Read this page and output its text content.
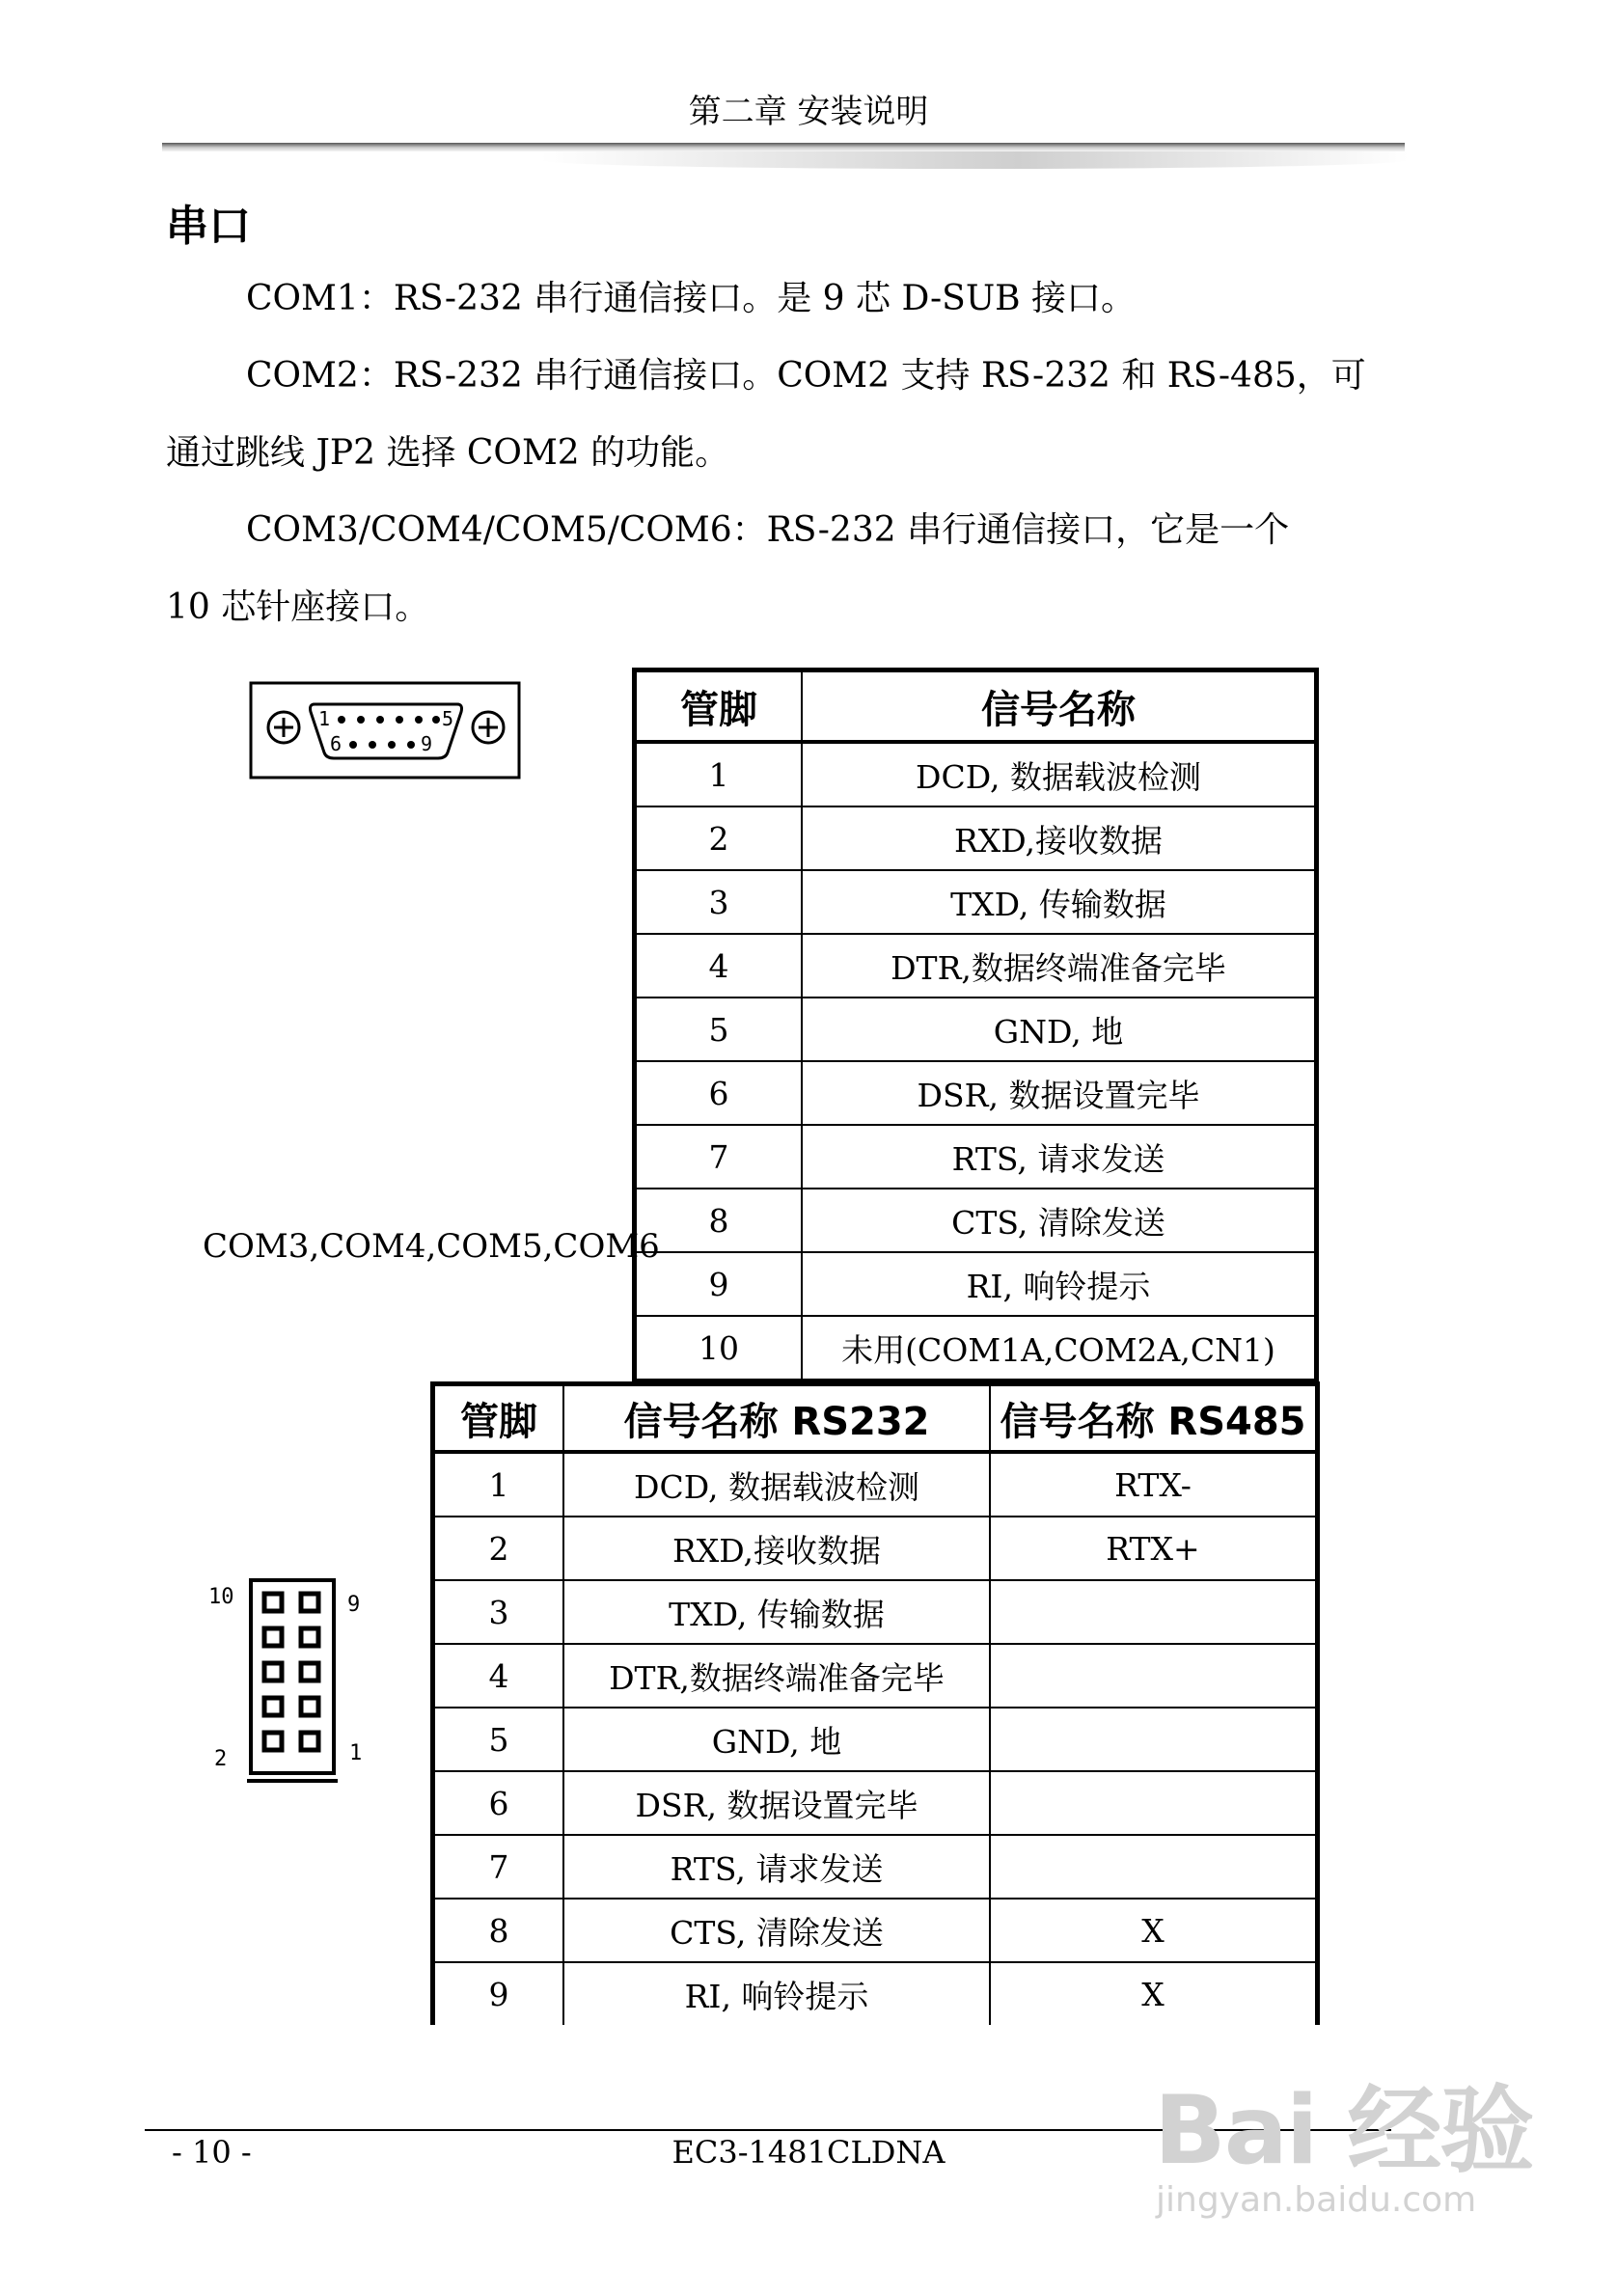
第二章 安装说明
串口
COM1：RS-232 串行通信接口。是 9 芯 D-SUB 接口。
COM2：RS-232 串行通信接口。COM2 支持 RS-232 和 RS-485，可
通过跳线 JP2 选择 COM2 的功能。
COM3/COM4/COM5/COM6：RS-232 串行通信接口，它是一个
10 芯针座接口。
1	5
6	9
管脚	信号名称
1	DCD, 数据载波检测
2	RXD,接收数据
3	TXD, 传输数据
4	DTR,数据终端准备完毕
5	GND, 地
6	DSR, 数据设置完毕
7	RTS, 请求发送
8	CTS, 清除发送
9	RI, 响铃提示
10	未用(COM1A,COM2A,CN1)
COM3,COM4,COM5,COM6
10	9
2	1
管脚	信号名称 RS232	信号名称 RS485
1	DCD, 数据载波检测	RTX-
2	RXD,接收数据	RTX+
3	TXD, 传输数据	
4	DTR,数据终端准备完毕	
5	GND, 地	
6	DSR, 数据设置完毕	
7	RTS, 请求发送	
8	CTS, 清除发送	X
9	RI, 响铃提示	X
- 10 -	EC3-1481CLDNA	Bai 经验
jingyan.baidu.com
